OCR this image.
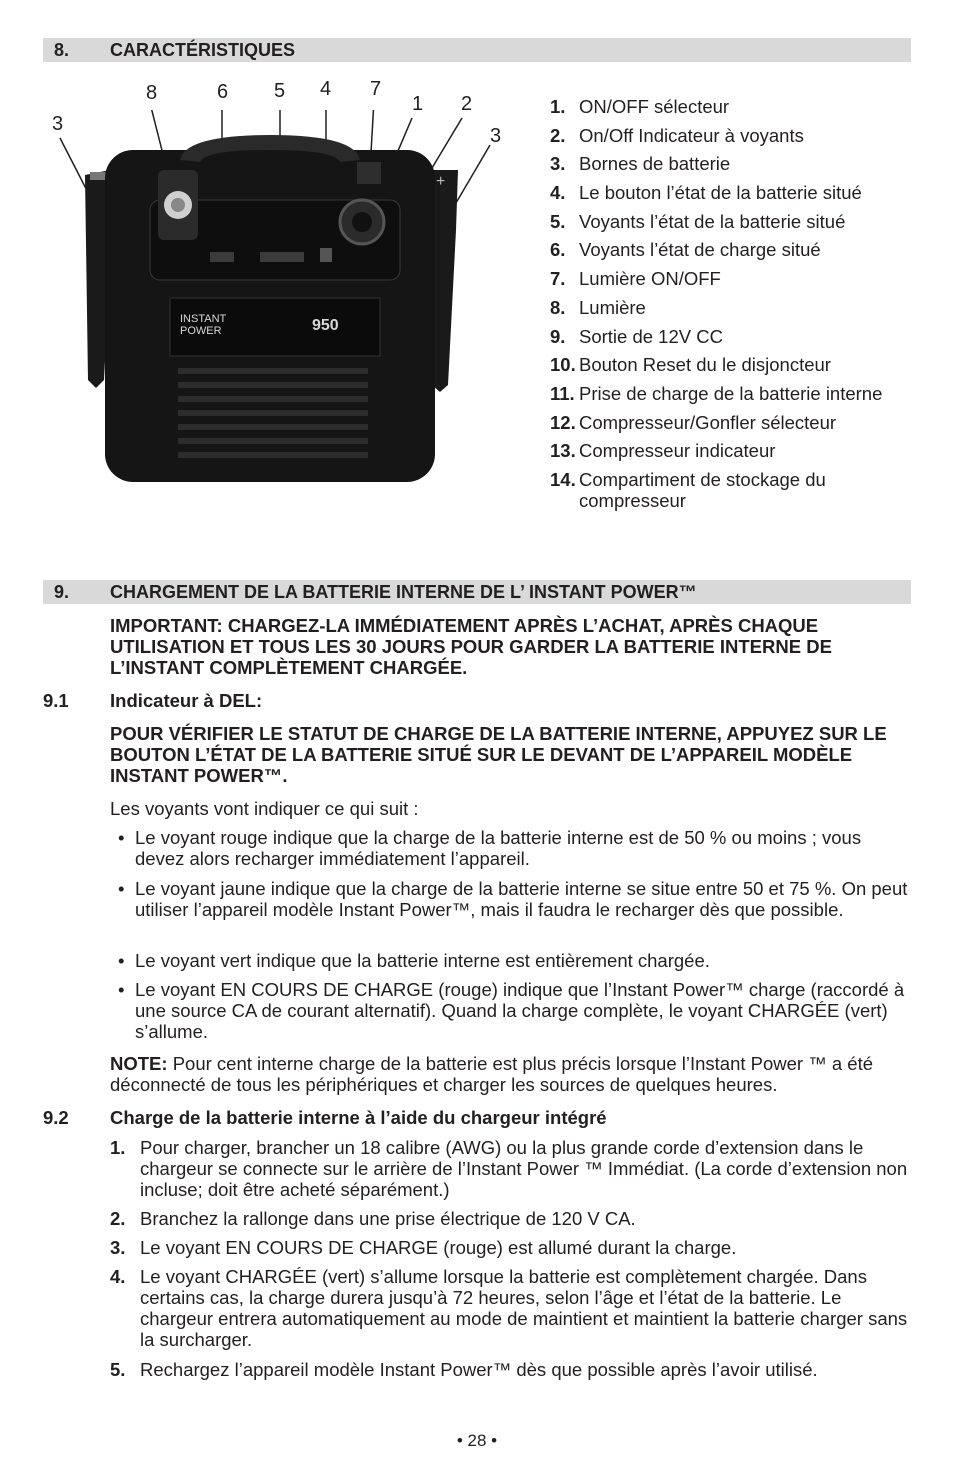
8. CARACTÉRISTIQUES
3
8	6 5 4 7
1 2
3
+
INSTANT
POWER	950
1. ON/OFF sélecteur
2. On/Off Indicateur à voyants
3. Bornes de batterie
4. Le bouton l’état de la batterie situé
5. Voyants l’état de la batterie situé
6. Voyants l’état de charge situé
7. Lumière ON/OFF
8. Lumière
9. Sortie de 12V CC
10. Bouton Reset du le disjoncteur
11. Prise de charge de la batterie interne
12. Compresseur/Gonfler sélecteur
13. Compresseur indicateur
14. Compartiment de stockage du compresseur
9. CHARGEMENT DE LA BATTERIE INTERNE DE L’ INSTANT POWER™
IMPORTANT: CHARGEZ-LA IMMÉDIATEMENT APRÈS L’ACHAT, APRÈS CHAQUE UTILISATION ET TOUS LES 30 JOURS POUR GARDER LA BATTERIE INTERNE DE L’INSTANT COMPLÈTEMENT CHARGÉE.
9.1 Indicateur à DEL:
POUR VÉRIFIER LE STATUT DE CHARGE DE LA BATTERIE INTERNE, APPUYEZ SUR LE BOUTON L’ÉTAT DE LA BATTERIE SITUÉ SUR LE DEVANT DE L’APPAREIL MODÈLE INSTANT POWER™.
Les voyants vont indiquer ce qui suit :
• Le voyant rouge indique que la charge de la batterie interne est de 50 % ou moins ; vous devez alors recharger immédiatement l’appareil.
• Le voyant jaune indique que la charge de la batterie interne se situe entre 50 et 75 %. On peut utiliser l’appareil modèle Instant Power™, mais il faudra le recharger dès que possible.
• Le voyant vert indique que la batterie interne est entièrement chargée.
• Le voyant EN COURS DE CHARGE (rouge) indique que l’Instant Power™ charge (raccordé à une source CA de courant alternatif). Quand la charge complète, le voyant CHARGÉE (vert) s’allume.
NOTE: Pour cent interne charge de la batterie est plus précis lorsque l’Instant Power ™ a été déconnecté de tous les périphériques et charger les sources de quelques heures.
9.2 Charge de la batterie interne à l’aide du chargeur intégré
1. Pour charger, brancher un 18 calibre (AWG) ou la plus grande corde d’extension dans le chargeur se connecte sur le arrière de l’Instant Power ™ Immédiat. (La corde d’extension non incluse; doit être acheté séparément.)
2. Branchez la rallonge dans une prise électrique de 120 V CA.
3. Le voyant EN COURS DE CHARGE (rouge) est allumé durant la charge.
4. Le voyant CHARGÉE (vert) s’allume lorsque la batterie est complètement chargée. Dans certains cas, la charge durera jusqu’à 72 heures, selon l’âge et l’état de la batterie. Le chargeur entrera automatiquement au mode de maintient et maintient la batterie charger sans la surcharger.
5. Rechargez l’appareil modèle Instant Power™ dès que possible après l’avoir utilisé.
• 28 •
